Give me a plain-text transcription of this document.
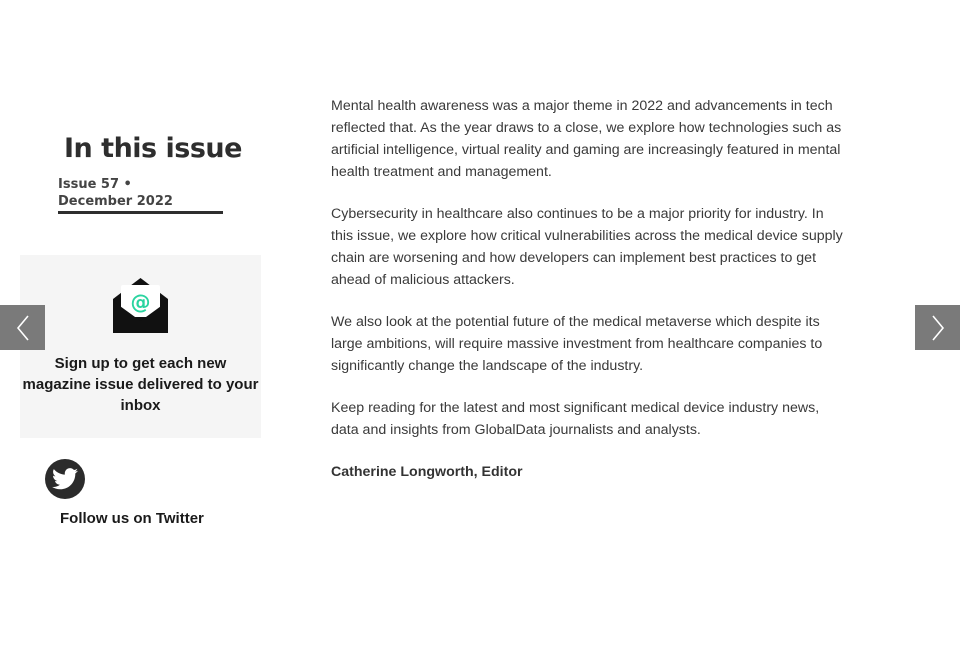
In this issue
Issue 57 • December 2022
@
Sign up to get each new magazine issue delivered to your inbox
Follow us on Twitter

Mental health awareness was a major theme in 2022 and advancements in tech reflected that. As the year draws to a close, we explore how technologies such as artificial intelligence, virtual reality and gaming are increasingly featured in mental health treatment and management.

Cybersecurity in healthcare also continues to be a major priority for industry. In this issue, we explore how critical vulnerabilities across the medical device supply chain are worsening and how developers can implement best practices to get ahead of malicious attackers.

We also look at the potential future of the medical metaverse which despite its large ambitions, will require massive investment from healthcare companies to significantly change the landscape of the industry.

Keep reading for the latest and most significant medical device industry news, data and insights from GlobalData journalists and analysts.

Catherine Longworth, Editor
